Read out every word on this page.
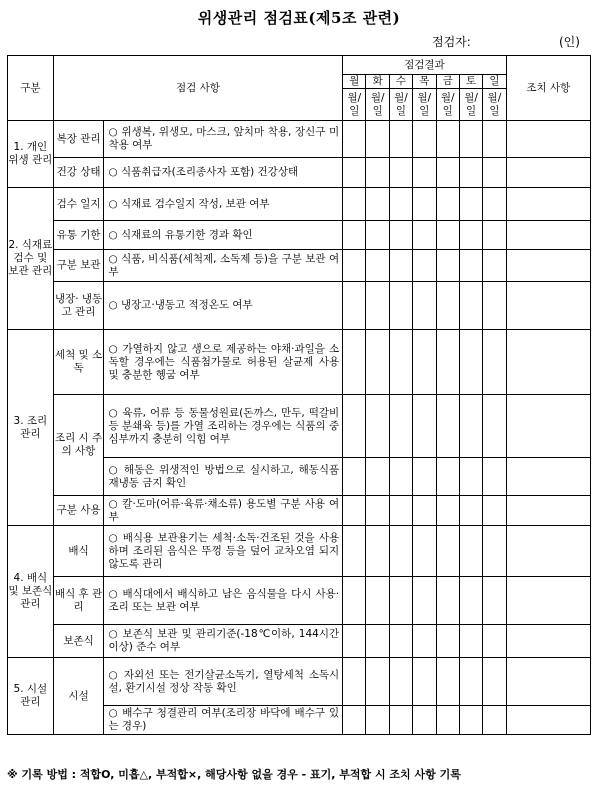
위생관리 점검표(제5조 관련)
점검자:	(인)
구분	점검 사항		점검결과							조치 사항
			월	화	수	목	금	토	일	
			월/일	월/일	월/일	월/일	월/일	월/일	월/일	
1. 개인 위생 관리	복장 관리	○ 위생복, 위생모, 마스크, 앞치마 착용, 장신구 미착용 여부								
	건강 상태	○ 식품취급자(조리종사자 포함) 건강상태								
2. 식재료 검수 및 보관 관리	검수 일지	○ 식재료 검수일지 작성, 보관 여부								
	유통 기한	○ 식재료의 유통기한 경과 확인								
	구분 보관	○ 식품, 비식품(세척제, 소독제 등)을 구분 보관 여부								
	냉장· 냉동고 관리	○ 냉장고·냉동고 적정온도 여부								
3. 조리 관리	세척 및 소독	○ 가열하지 않고 생으로 제공하는 야채·과일을 소독할 경우에는 식품첨가물로 허용된 살균제 사용 및 충분한 헹굼 여부								
	조리 시 주의 사항	○ 육류, 어류 등 동물성원료(돈까스, 만두, 떡갈비 등 분쇄육 등)를 가열 조리하는 경우에는 식품의 중심부까지 충분히 익힘 여부								
		○ 해동은 위생적인 방법으로 실시하고, 해동식품 재냉동 금지 확인								
	구분 사용	○ 칼·도마(어류·육류·채소류) 용도별 구분 사용 여부								
4. 배식 및 보존식 관리	배식	○ 배식용 보관용기는 세척·소독·건조된 것을 사용하며 조리된 음식은 뚜껑 등을 덮어 교차오염 되지 않도록 관리								
	배식 후 관리	○ 배식대에서 배식하고 남은 음식물을 다시 사용·조리 또는 보관 여부								
	보존식	○ 보존식 보관 및 관리기준(-18℃이하, 144시간 이상) 준수 여부								
5. 시설 관리	시설	○ 자외선 또는 전기살균소독기, 열탕세척 소독시설, 환기시설 정상 작동 확인								
		○ 배수구 청결관리 여부(조리장 바닥에 배수구 있는 경우)								
※ 기록 방법 : 적합O, 미흡△, 부적합×, 해당사항 없을 경우 - 표기, 부적합 시 조치 사항 기록
